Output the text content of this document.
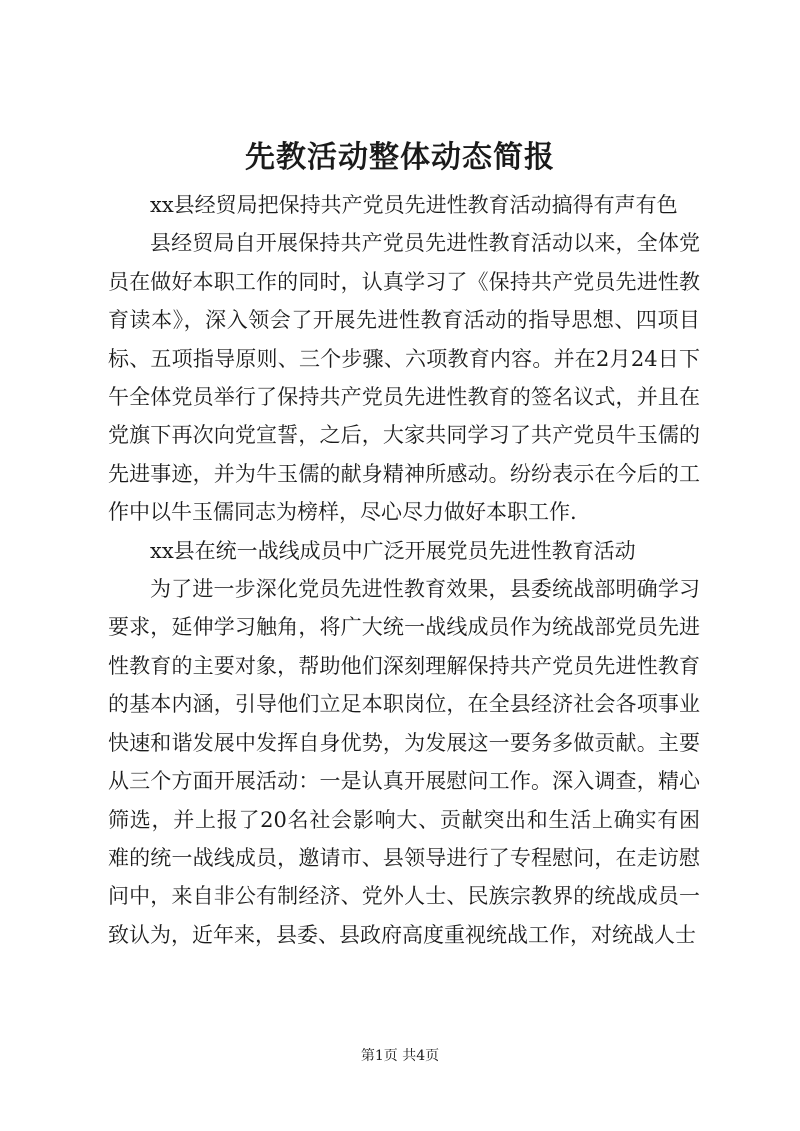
先教活动整体动态简报

xx县经贸局把保持共产党员先进性教育活动搞得有声有色

县经贸局自开展保持共产党员先进性教育活动以来，全体党员在做好本职工作的同时，认真学习了《保持共产党员先进性教育读本》，深入领会了开展先进性教育活动的指导思想、四项目标、五项指导原则、三个步骤、六项教育内容。并在2月24日下午全体党员举行了保持共产党员先进性教育的签名议式，并且在党旗下再次向党宣誓，之后，大家共同学习了共产党员牛玉儒的先进事迹，并为牛玉儒的献身精神所感动。纷纷表示在今后的工作中以牛玉儒同志为榜样，尽心尽力做好本职工作.

xx县在统一战线成员中广泛开展党员先进性教育活动

为了进一步深化党员先进性教育效果，县委统战部明确学习要求，延伸学习触角，将广大统一战线成员作为统战部党员先进性教育的主要对象，帮助他们深刻理解保持共产党员先进性教育的基本内涵，引导他们立足本职岗位，在全县经济社会各项事业快速和谐发展中发挥自身优势，为发展这一要务多做贡献。主要从三个方面开展活动：一是认真开展慰问工作。深入调查，精心筛选，并上报了20名社会影响大、贡献突出和生活上确实有困难的统一战线成员，邀请市、县领导进行了专程慰问，在走访慰问中，来自非公有制经济、党外人士、民族宗教界的统战成员一致认为，近年来，县委、县政府高度重视统战工作，对统战人士

第1页 共4页
